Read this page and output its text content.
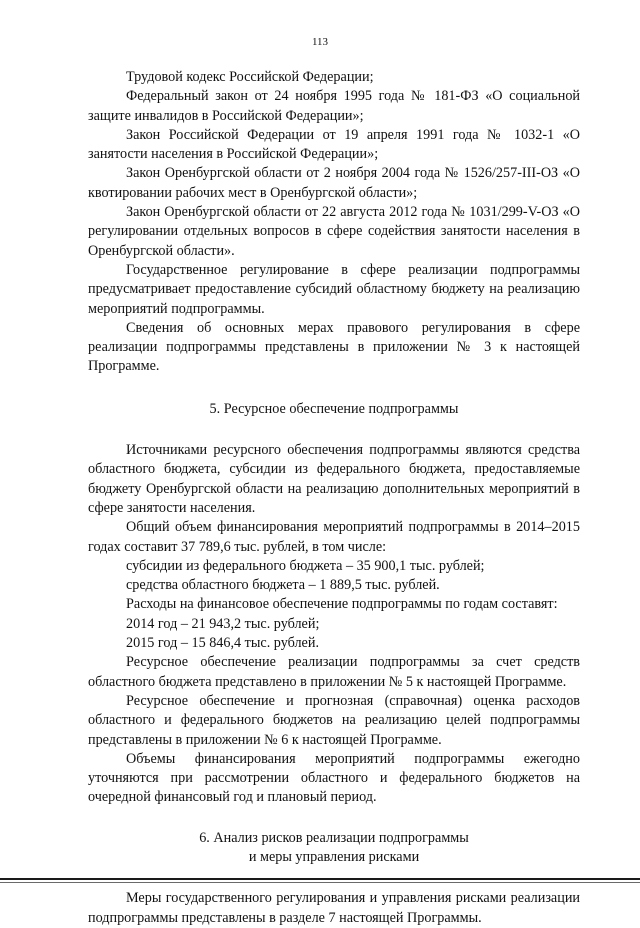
113

Трудовой кодекс Российской Федерации;

Федеральный закон от 24 ноября 1995 года № 181-ФЗ «О социальной защите инвалидов в Российской Федерации»;

Закон Российской Федерации от 19 апреля 1991 года № 1032-1 «О занятости населения в Российской Федерации»;

Закон Оренбургской области от 2 ноября 2004 года № 1526/257-III-ОЗ «О квотировании рабочих мест в Оренбургской области»;

Закон Оренбургской области от 22 августа 2012 года № 1031/299-V-ОЗ «О регулировании отдельных вопросов в сфере содействия занятости населения в Оренбургской области».

Государственное регулирование в сфере реализации подпрограммы предусматривает предоставление субсидий областному бюджету на реализацию мероприятий подпрограммы.

Сведения об основных мерах правового регулирования в сфере реализации подпрограммы представлены в приложении № 3 к настоящей Программе.

5. Ресурсное обеспечение подпрограммы

Источниками ресурсного обеспечения подпрограммы являются средства областного бюджета, субсидии из федерального бюджета, предоставляемые бюджету Оренбургской области на реализацию дополнительных мероприятий в сфере занятости населения.

Общий объем финансирования мероприятий подпрограммы в 2014–2015 годах составит 37 789,6 тыс. рублей, в том числе:

субсидии из федерального бюджета – 35 900,1 тыс. рублей;

средства областного бюджета – 1 889,5 тыс. рублей.

Расходы на финансовое обеспечение подпрограммы по годам составят:

2014 год – 21 943,2 тыс. рублей;

2015 год – 15 846,4 тыс. рублей.

Ресурсное обеспечение реализации подпрограммы за счет средств областного бюджета представлено в приложении № 5 к настоящей Программе.

Ресурсное обеспечение и прогнозная (справочная) оценка расходов областного и федерального бюджетов на реализацию целей подпрограммы представлены в приложении № 6 к настоящей Программе.

Объемы финансирования мероприятий подпрограммы ежегодно уточняются при рассмотрении областного и федерального бюджетов на очередной финансовый год и плановый период.

6. Анализ рисков реализации подпрограммы

и меры управления рисками

Меры государственного регулирования и управления рисками реализации подпрограммы представлены в разделе 7 настоящей Программы.
